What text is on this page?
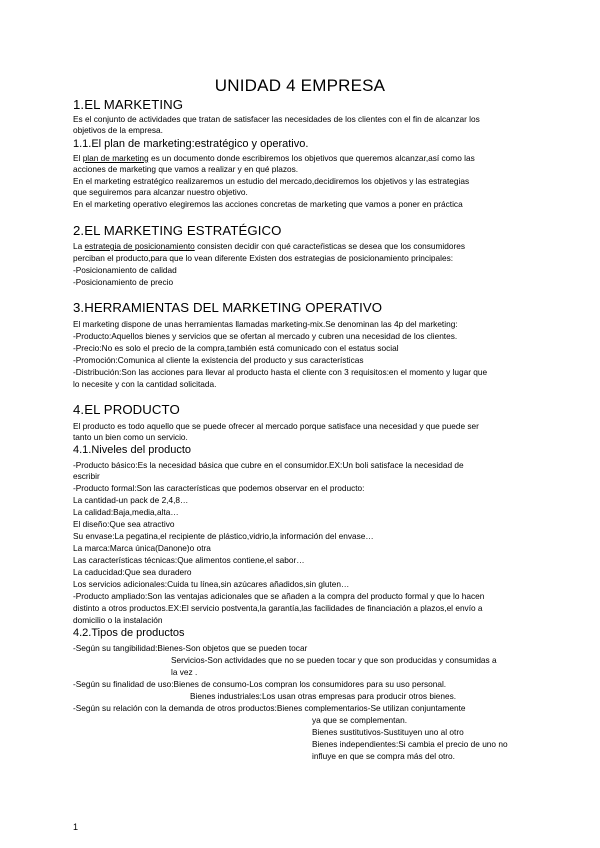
UNIDAD 4 EMPRESA
1.EL MARKETING
Es el conjunto de actividades que tratan de satisfacer las necesidades de los clientes con el fin de alcanzar los
objetivos de la empresa.
1.1.El plan de marketing:estratégico y operativo.
El plan de marketing es un documento donde escribiremos los objetivos que queremos alcanzar,así como las
acciones de marketing que vamos a realizar y en qué plazos.
En el marketing estratégico realizaremos un estudio del mercado,decidiremos los objetivos y las estrategias
que seguiremos para alcanzar nuestro objetivo.
En el marketing operativo elegiremos las acciones concretas de marketing que vamos a poner en práctica
2.EL MARKETING ESTRATÉGICO
La estrategia de posicionamiento consisten decidir con qué caracteŕisticas se desea que los consumidores
perciban el producto,para que lo vean diferente Existen dos estrategias de posicionamiento principales:
-Posicionamiento de calidad
-Posicionamiento de precio
3.HERRAMIENTAS DEL MARKETING OPERATIVO
El marketing dispone de unas herramientas llamadas marketing-mix.Se denominan las 4p del marketing:
-Producto:Aquellos bienes y servicios que se ofertan al mercado y cubren una necesidad de los clientes.
-Precio:No es solo el precio de la compra,también está comunicado con el estatus social
-Promoción:Comunica al cliente la existencia del producto y sus características
-Distribución:Son las acciones para llevar al producto hasta el cliente con 3 requisitos:en el momento y lugar que
lo necesite y con la cantidad solicitada.
4.EL PRODUCTO
El producto es todo aquello que se puede ofrecer al mercado porque satisface una necesidad y que puede ser
tanto un bien como un servicio.
4.1.Niveles del producto
-Producto básico:Es la necesidad básica que cubre en el consumidor.EX:Un boli satisface la necesidad de
escribir
-Producto formal:Son las características que podemos observar en el producto:
La cantidad-un pack de 2,4,8…
La calidad:Baja,media,alta…
El diseño:Que sea atractivo
Su envase:La pegatina,el recipiente de plástico,vidrio,la información del envase…
La marca:Marca única(Danone)o otra
Las características técnicas:Que alimentos contiene,el sabor…
La caducidad:Que sea duradero
Los servicios adicionales:Cuida tu línea,sin azúcares añadidos,sin gluten…
-Producto ampliado:Son las ventajas adicionales que se añaden a la compra del producto formal y que lo hacen
distinto a otros productos.EX:El servicio postventa,la garantía,las facilidades de financiación a plazos,el envío a
domicilio o la instalación
4.2.Tipos de productos
-Según su tangibilidad:Bienes-Son objetos que se pueden tocar
Servicios-Son actividades que no se pueden tocar y que son producidas y consumidas a
la vez .
-Según su finalidad de uso:Bienes de consumo-Los compran los consumidores para su uso personal.
Bienes industriales:Los usan otras empresas para producir otros bienes.
-Según su relación con la demanda de otros productos:Bienes complementarios-Se utilizan conjuntamente
ya que se complementan.
Bienes sustitutivos-Sustituyen uno al otro
Bienes independientes:Si cambia el precio de uno no
influye en que se compra más del otro.
1
